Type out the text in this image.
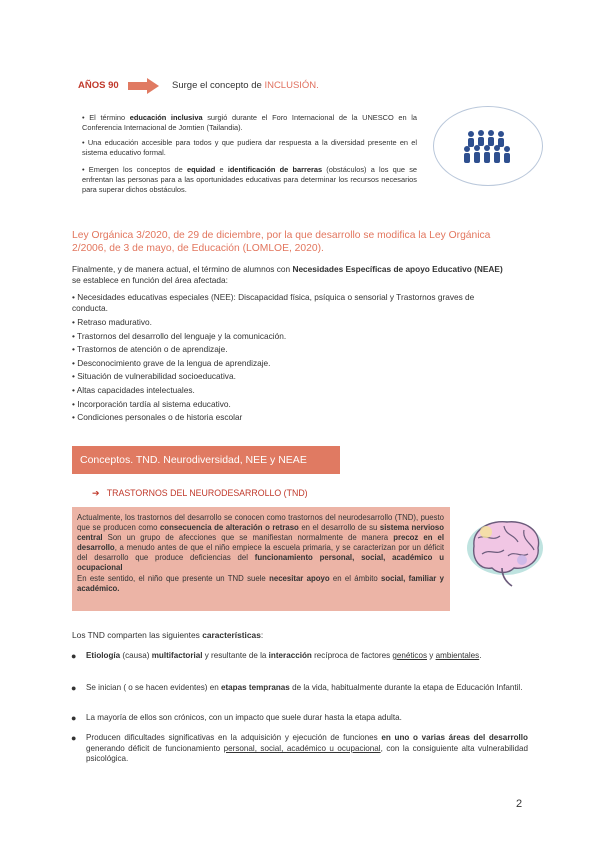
AÑOS 90	Surge el concepto de INCLUSIÓN.
• El término educación inclusiva surgió durante el Foro Internacional de la UNESCO en la Conferencia Internacional de Jomtien (Tailandia).
• Una educación accesible para todos y que pudiera dar respuesta a la diversidad presente en el sistema educativo formal.
• Emergen los conceptos de equidad e identificación de barreras (obstáculos) a los que se enfrentan las personas para a las oportunidades educativas para determinar los recursos necesarios para superar dichos obstáculos.
Ley Orgánica 3/2020, de 29 de diciembre, por la que desarrollo se modifica la Ley Orgánica 2/2006, de 3 de mayo, de Educación (LOMLOE, 2020).
Finalmente, y de manera actual, el término de alumnos con Necesidades Específicas de apoyo Educativo (NEAE) se establece en función del área afectada:
• Necesidades educativas especiales (NEE): Discapacidad física, psíquica o sensorial y Trastornos graves de conducta.
• Retraso madurativo.
• Trastornos del desarrollo del lenguaje y la comunicación.
• Trastornos de atención o de aprendizaje.
• Desconocimiento grave de la lengua de aprendizaje.
• Situación de vulnerabilidad socioeducativa.
• Altas capacidades intelectuales.
• Incorporación tardía al sistema educativo.
• Condiciones personales o de historia escolar
Conceptos. TND. Neurodiversidad, NEE y NEAE
➔ TRASTORNOS DEL NEURODESARROLLO (TND)

Actualmente, los trastornos del desarrollo se conocen como trastornos del neurodesarrollo (TND), puesto que se producen como consecuencia de alteración o retraso en el desarrollo de su sistema nervioso central Son un grupo de afecciones que se manifiestan normalmente de manera precoz en el desarrollo, a menudo antes de que el niño empiece la escuela primaria, y se caracterizan por un déficit del desarrollo que produce deficiencias del funcionamiento personal, social, académico u ocupacional
En este sentido, el niño que presente un TND suele necesitar apoyo en el ámbito social, familiar y académico.

Los TND comparten las siguientes características:
● Etiología (causa) multifactorial y resultante de la interacción recíproca de factores genéticos y ambientales.
● Se inician ( o se hacen evidentes) en etapas tempranas de la vida, habitualmente durante la etapa de Educación Infantil.
● La mayoría de ellos son crónicos, con un impacto que suele durar hasta la etapa adulta.
● Producen dificultades significativas en la adquisición y ejecución de funciones en uno o varias áreas del desarrollo generando déficit de funcionamiento personal, social, académico u ocupacional, con la consiguiente alta vulnerabilidad psicológica.
2
